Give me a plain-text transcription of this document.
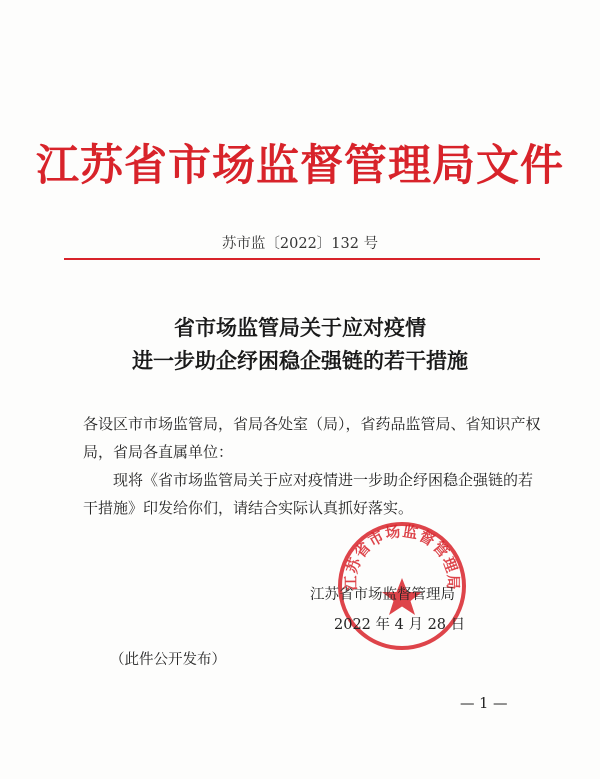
江苏省市场监督管理局文件
苏市监〔2022〕132 号
省市场监管局关于应对疫情
进一步助企纾困稳企强链的若干措施

各设区市市场监管局，省局各处室（局），省药品监管局、省知识产权局，省局各直属单位：

现将《省市场监管局关于应对疫情进一步助企纾困稳企强链的若干措施》印发给你们，请结合实际认真抓好落实。

江苏省市场监督管理局
江苏省市场监督管理局
2022 年 4 月 28 日
（此件公开发布）
— 1 —
